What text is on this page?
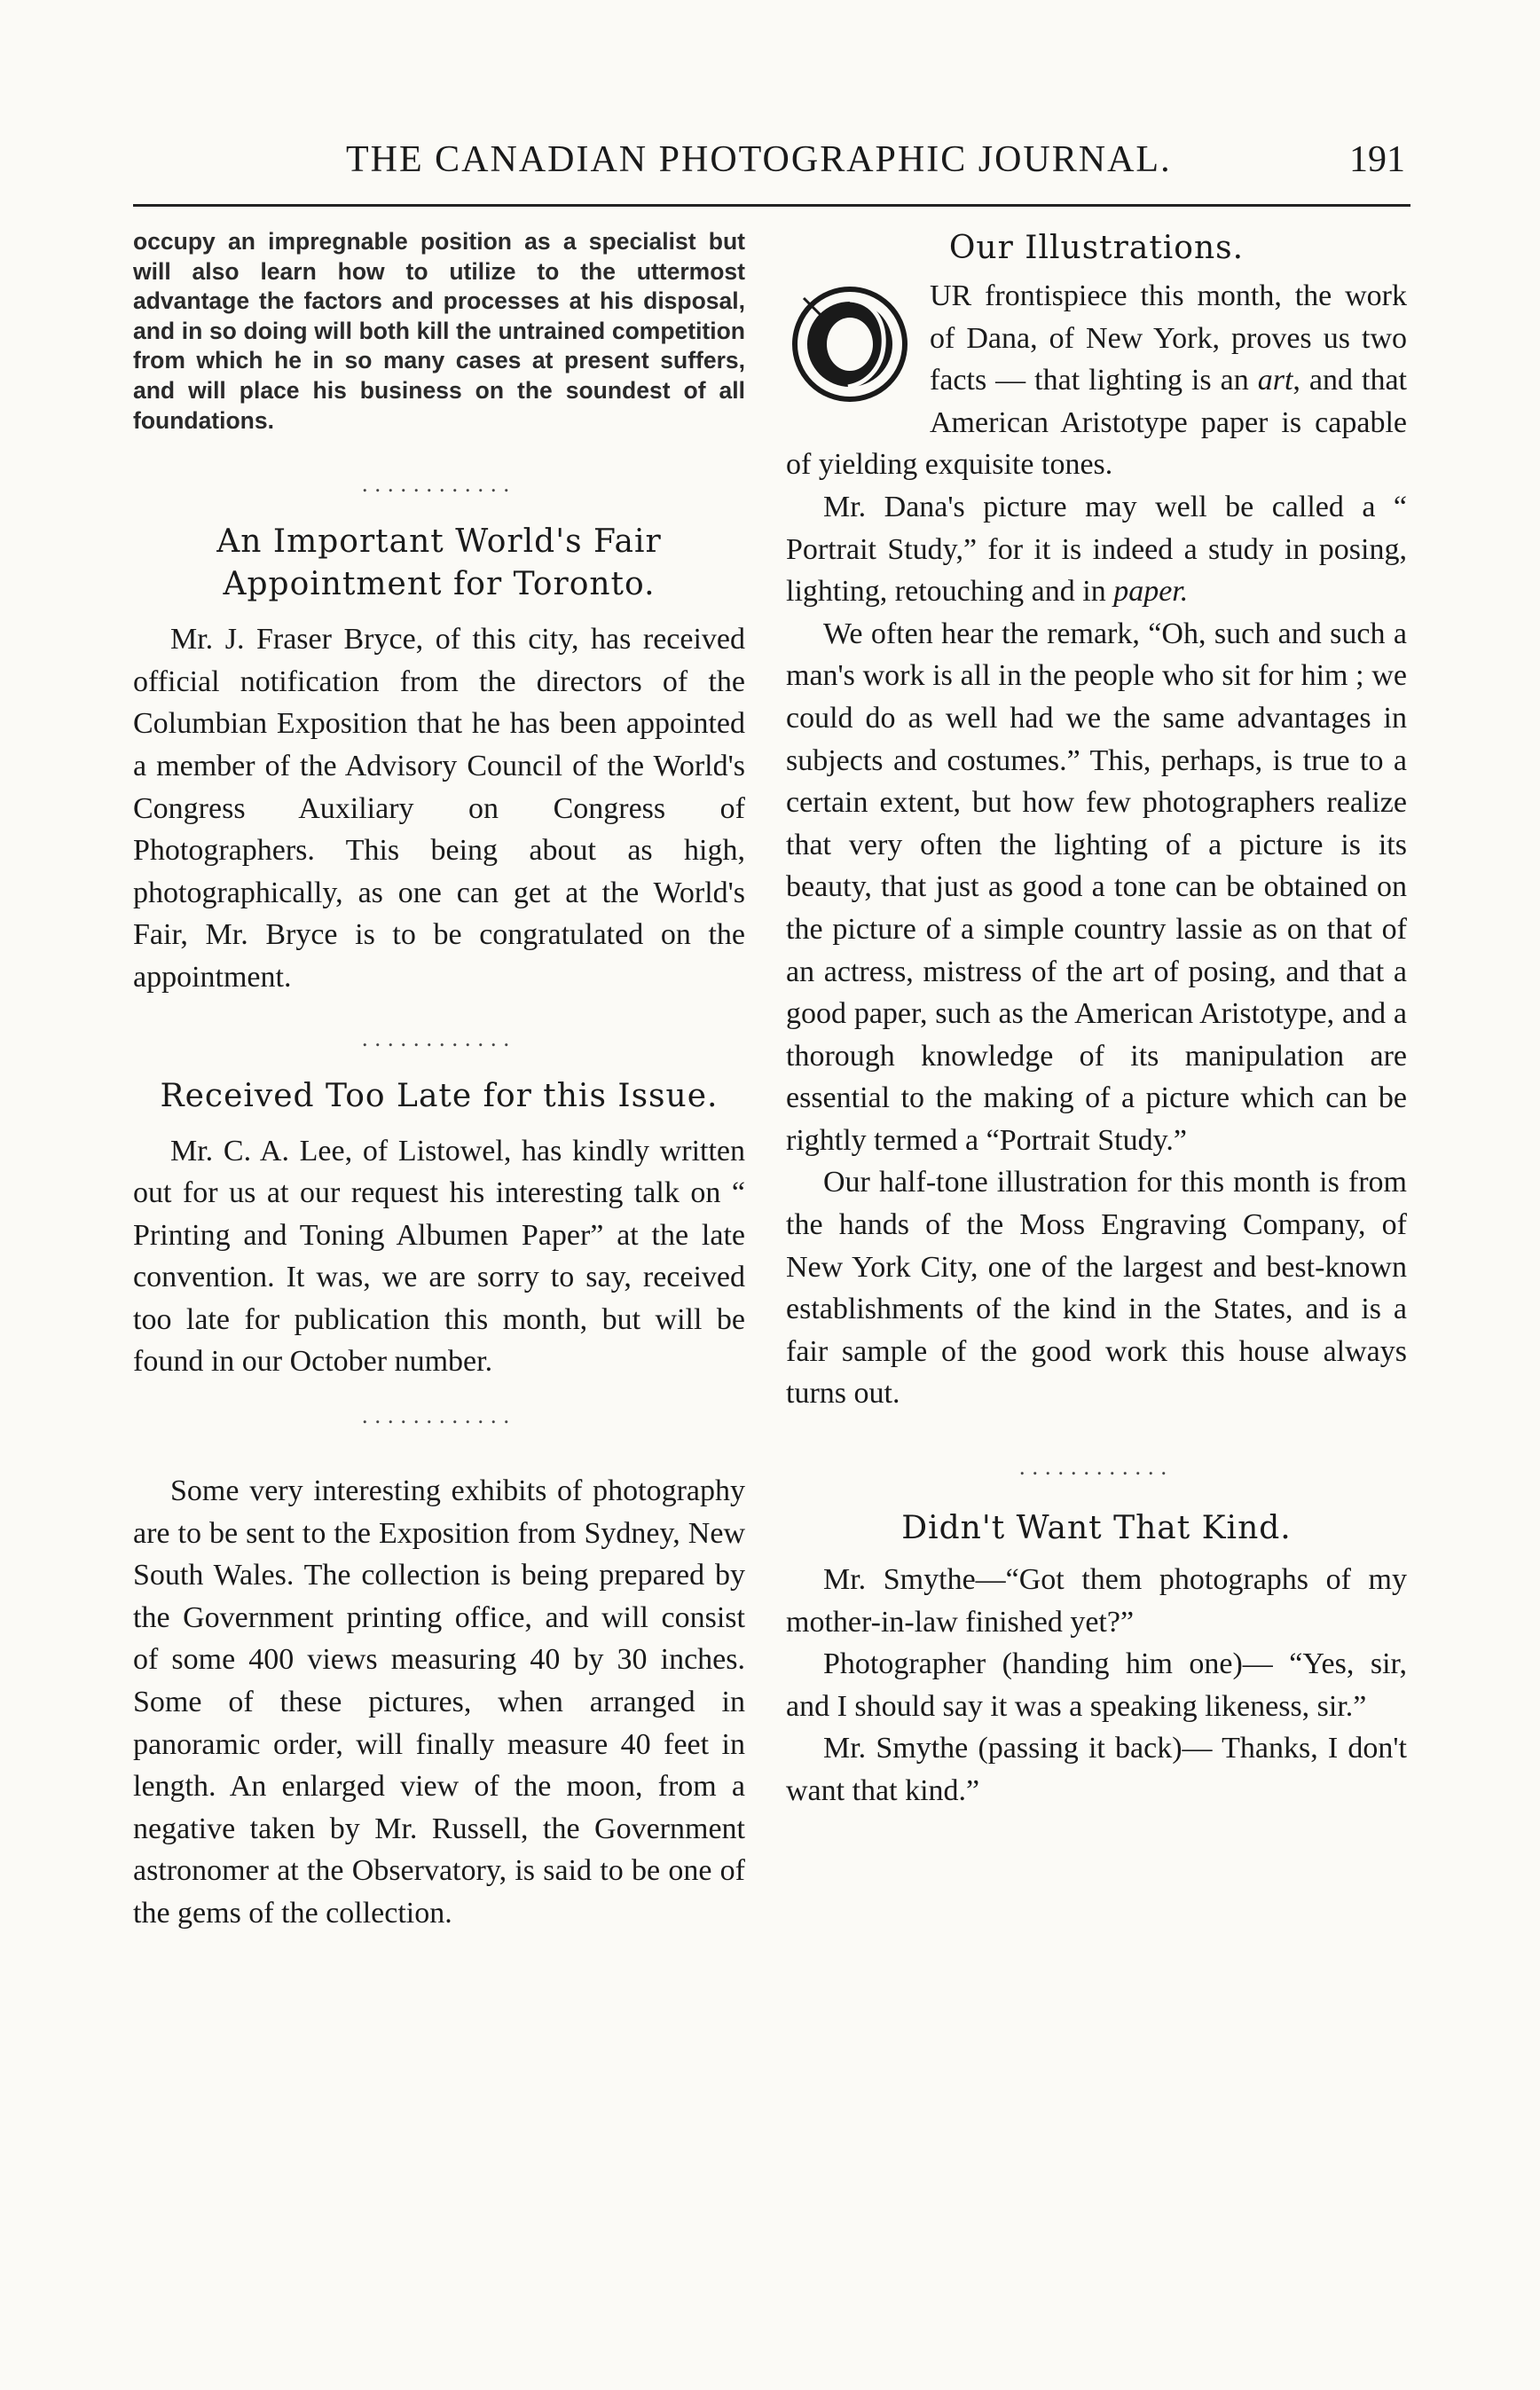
THE CANADIAN PHOTOGRAPHIC JOURNAL.	191

occupy an impregnable position as a specialist but will also learn how to utilize to the uttermost advantage the factors and processes at his disposal, and in so doing will both kill the untrained competition from which he in so many cases at present suffers, and will place his business on the soundest of all foundations.

............
An Important World's Fair Appointment for Toronto.

Mr. J. Fraser Bryce, of this city, has received official notification from the directors of the Columbian Exposition that he has been appointed a member of the Advisory Council of the World's Congress Auxiliary on Congress of Photographers. This being about as high, photographically, as one can get at the World's Fair, Mr. Bryce is to be congratulated on the appointment.

............
Received Too Late for this Issue.

Mr. C. A. Lee, of Listowel, has kindly written out for us at our request his interesting talk on “ Printing and Toning Albumen Paper” at the late convention. It was, we are sorry to say, received too late for publication this month, but will be found in our October number.

............

Some very interesting exhibits of photography are to be sent to the Exposition from Sydney, New South Wales. The collection is being prepared by the Government printing office, and will consist of some 400 views measuring 40 by 30 inches. Some of these pictures, when arranged in panoramic order, will finally measure 40 feet in length. An enlarged view of the moon, from a negative taken by Mr. Russell, the Government astronomer at the Observatory, is said to be one of the gems of the collection.

Our Illustrations.

UR frontispiece this month, the work of Dana, of New York, proves us two facts — that lighting is an art, and that American Aristotype paper is capable of yielding exquisite tones.

Mr. Dana's picture may well be called a “ Portrait Study,” for it is indeed a study in posing, lighting, retouching and in paper.

We often hear the remark, “Oh, such and such a man's work is all in the people who sit for him ; we could do as well had we the same advantages in subjects and costumes.” This, perhaps, is true to a certain extent, but how few photographers realize that very often the lighting of a picture is its beauty, that just as good a tone can be obtained on the picture of a simple country lassie as on that of an actress, mistress of the art of posing, and that a good paper, such as the American Aristotype, and a thorough knowledge of its manipulation are essential to the making of a picture which can be rightly termed a “Portrait Study.”

Our half-tone illustration for this month is from the hands of the Moss Engraving Company, of New York City, one of the largest and best-known establishments of the kind in the States, and is a fair sample of the good work this house always turns out.

............
Didn't Want That Kind.

Mr. Smythe—“Got them photographs of my mother-in-law finished yet?”

Photographer (handing him one)— “Yes, sir, and I should say it was a speaking likeness, sir.”

Mr. Smythe (passing it back)— Thanks, I don't want that kind.”
